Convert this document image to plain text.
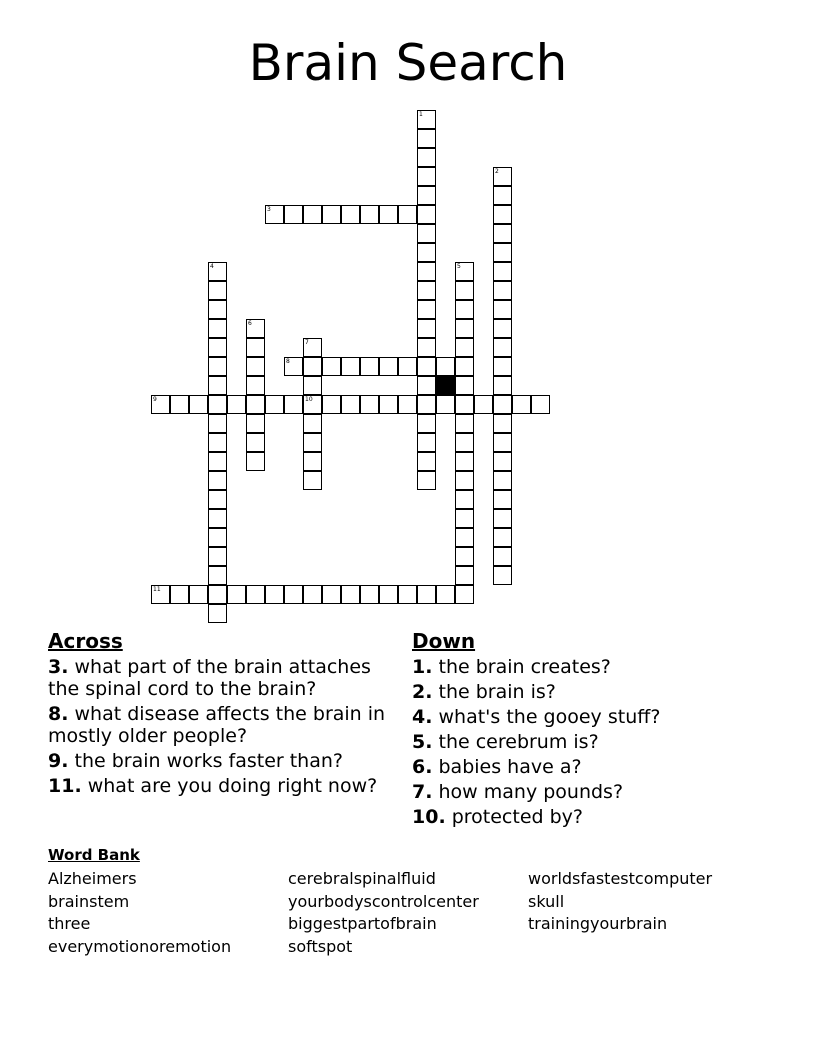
Brain Search
1
2
3
4	5
6
7
10
8
9
11
Across
3. what part of the brain attaches the spinal cord to the brain?
8. what disease affects the brain in mostly older people?
9. the brain works faster than?
11. what are you doing right now?
Down
1. the brain creates?
2. the brain is?
4. what's the gooey stuff?
5. the cerebrum is?
6. babies have a?
7. how many pounds?
10. protected by?
Word Bank
Alzheimers
brainstem
three
everymotionoremotion
cerebralspinalfluid
yourbodyscontrolcenter
biggestpartofbrain
softspot
worldsfastestcomputer
skull
trainingyourbrain
